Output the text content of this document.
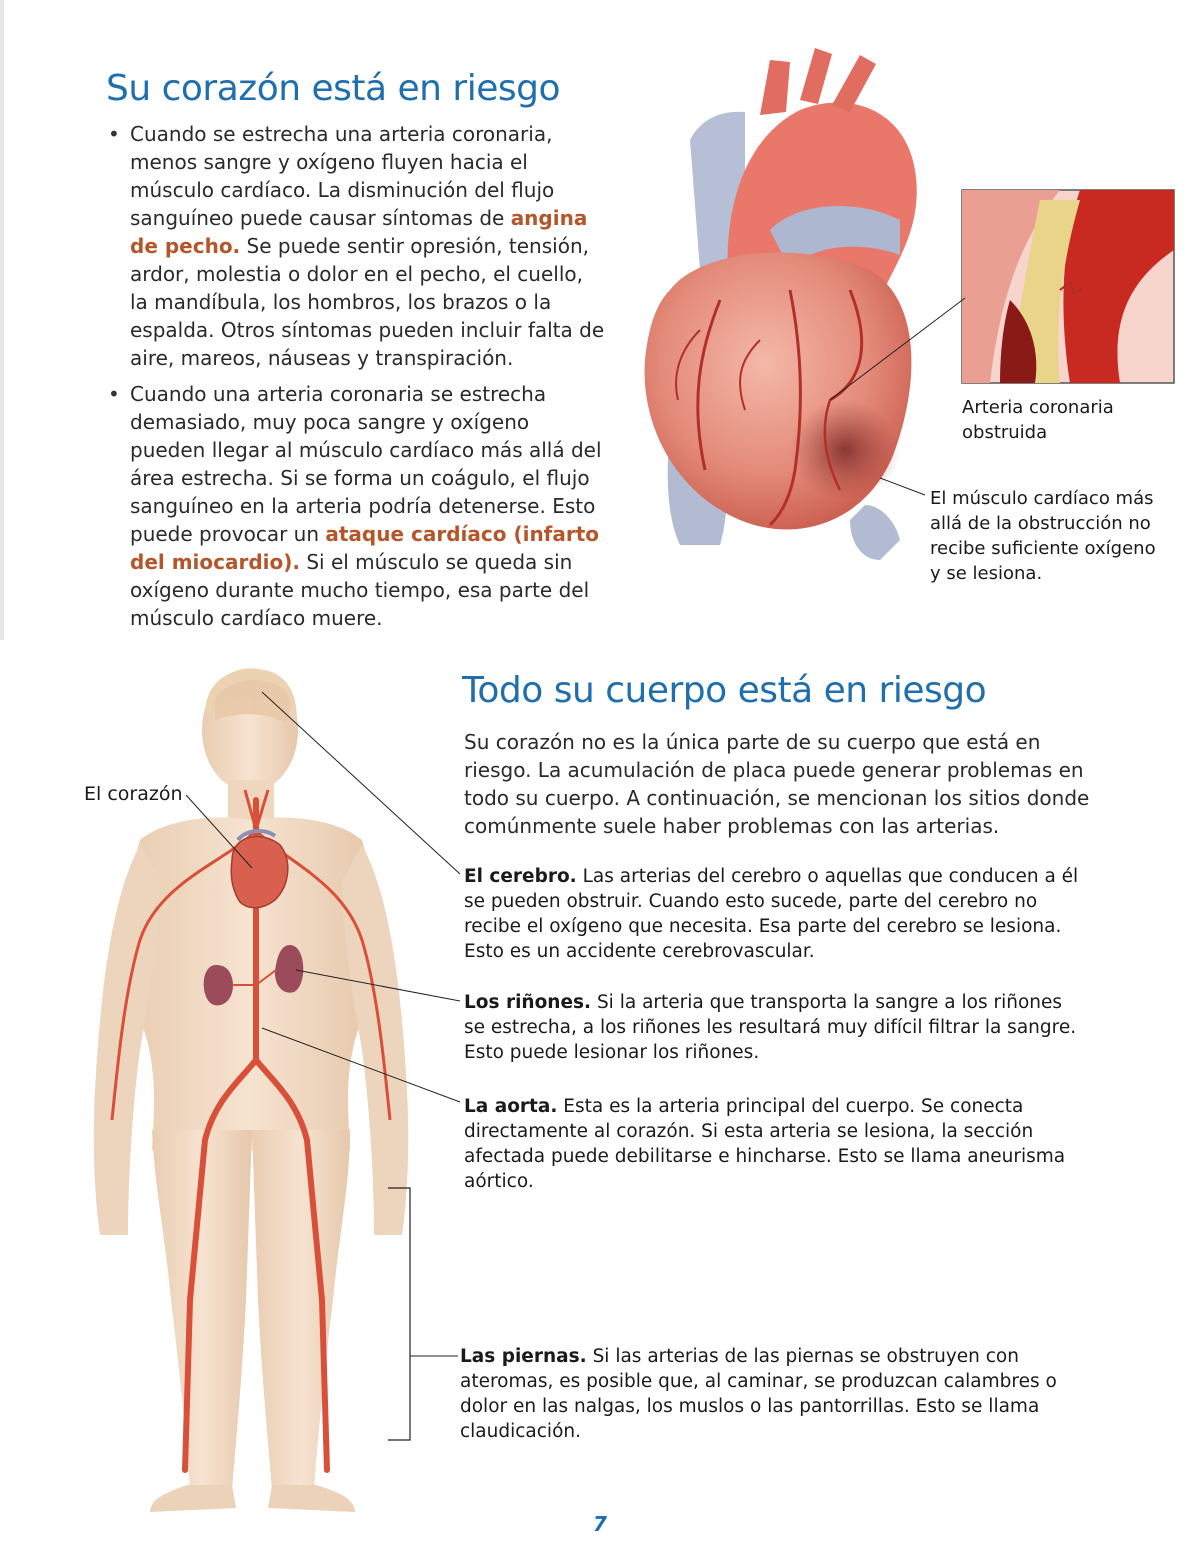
Su corazón está en riesgo
• Cuando se estrecha una arteria coronaria, menos sangre y oxígeno fluyen hacia el músculo cardíaco. La disminución del flujo sanguíneo puede causar síntomas de angina de pecho. Se puede sentir opresión, tensión, ardor, molestia o dolor en el pecho, el cuello, la mandíbula, los hombros, los brazos o la espalda. Otros síntomas pueden incluir falta de aire, mareos, náuseas y transpiración.
• Cuando una arteria coronaria se estrecha demasiado, muy poca sangre y oxígeno pueden llegar al músculo cardíaco más allá del área estrecha. Si se forma un coágulo, el flujo sanguíneo en la arteria podría detenerse. Esto puede provocar un ataque cardíaco (infarto del miocardio). Si el músculo se queda sin oxígeno durante mucho tiempo, esa parte del músculo cardíaco muere.
Arteria coronaria obstruida
El músculo cardíaco más allá de la obstrucción no recibe suficiente oxígeno y se lesiona.
Todo su cuerpo está en riesgo
Su corazón no es la única parte de su cuerpo que está en riesgo. La acumulación de placa puede generar problemas en todo su cuerpo. A continuación, se mencionan los sitios donde comúnmente suele haber problemas con las arterias.
El corazón
El cerebro. Las arterias del cerebro o aquellas que conducen a él se pueden obstruir. Cuando esto sucede, parte del cerebro no recibe el oxígeno que necesita. Esa parte del cerebro se lesiona. Esto es un accidente cerebrovascular.
Los riñones. Si la arteria que transporta la sangre a los riñones se estrecha, a los riñones les resultará muy difícil filtrar la sangre. Esto puede lesionar los riñones.
La aorta. Esta es la arteria principal del cuerpo. Se conecta directamente al corazón. Si esta arteria se lesiona, la sección afectada puede debilitarse e hincharse. Esto se llama aneurisma aórtico.
Las piernas. Si las arterias de las piernas se obstruyen con ateromas, es posible que, al caminar, se produzcan calambres o dolor en las nalgas, los muslos o las pantorrillas. Esto se llama claudicación.
7
